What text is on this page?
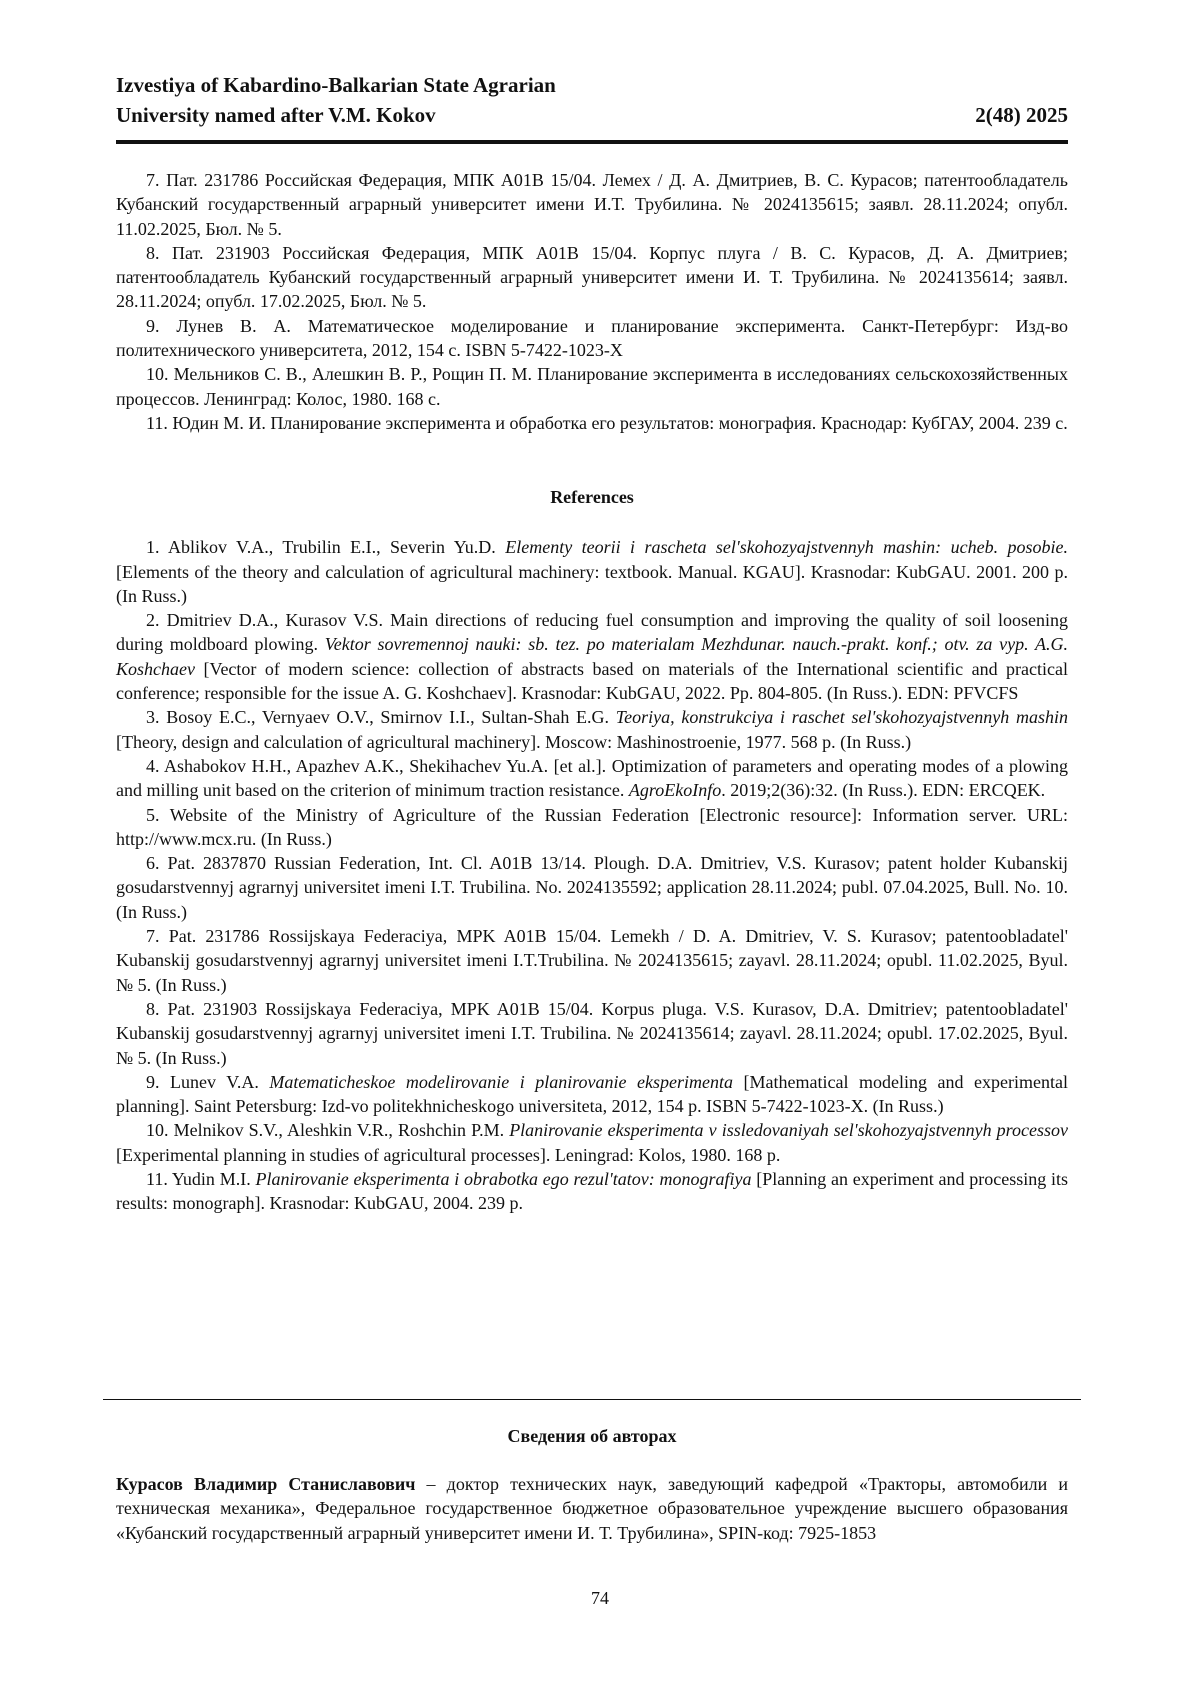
Izvestiya of Kabardino-Balkarian State Agrarian
University named after V.M. Kokov	2(48) 2025

7. Пат. 231786 Российская Федерация, МПК А01В 15/04. Лемех / Д. А. Дмитриев, В. С. Курасов; патентообладатель Кубанский государственный аграрный университет имени И.Т. Трубилина. № 2024135615; заявл. 28.11.2024; опубл. 11.02.2025, Бюл. № 5.

8. Пат. 231903 Российская Федерация, МПК А01В 15/04. Корпус плуга / В. С. Курасов, Д. А. Дмитриев; патентообладатель Кубанский государственный аграрный университет имени И. Т. Трубилина. № 2024135614; заявл. 28.11.2024; опубл. 17.02.2025, Бюл. № 5.

9. Лунев В. А. Математическое моделирование и планирование эксперимента. Санкт-Петербург: Изд-во политехнического университета, 2012, 154 с. ISBN 5-7422-1023-X

10. Мельников С. В., Алешкин В. Р., Рощин П. М. Планирование эксперимента в исследованиях сельскохозяйственных процессов. Ленинград: Колос, 1980. 168 с.

11. Юдин М. И. Планирование эксперимента и обработка его результатов: монография. Краснодар: КубГАУ, 2004. 239 с.

References

1. Ablikov V.A., Trubilin E.I., Severin Yu.D. Elementy teorii i rascheta sel'skohozyajstvennyh mashin: ucheb. posobie. [Elements of the theory and calculation of agricultural machinery: textbook. Manual. KGAU]. Krasnodar: KubGAU. 2001. 200 p. (In Russ.)

2. Dmitriev D.A., Kurasov V.S. Main directions of reducing fuel consumption and improving the quality of soil loosening during moldboard plowing. Vektor sovremennoj nauki: sb. tez. po materialam Mezhdunar. nauch.-prakt. konf.; otv. za vyp. A.G. Koshchaev [Vector of modern science: collection of abstracts based on materials of the International scientific and practical conference; responsible for the issue A. G. Koshchaev]. Krasnodar: KubGAU, 2022. Pp. 804-805. (In Russ.). EDN: PFVCFS

3. Bosoy E.C., Vernyaev O.V., Smirnov I.I., Sultan-Shah E.G. Teoriya, konstrukciya i raschet sel'skohozyajstvennyh mashin [Theory, design and calculation of agricultural machinery]. Moscow: Mashinostroenie, 1977. 568 p. (In Russ.)

4. Ashabokov H.H., Apazhev A.K., Shekihachev Yu.A. [et al.]. Optimization of parameters and operating modes of a plowing and milling unit based on the criterion of minimum traction resistance. AgroEkoInfo. 2019;2(36):32. (In Russ.). EDN: ERCQEK.

5. Website of the Ministry of Agriculture of the Russian Federation [Electronic resource]: Information server. URL: http://www.mcx.ru. (In Russ.)

6. Pat. 2837870 Russian Federation, Int. Cl. A01B 13/14. Plough. D.A. Dmitriev, V.S. Kurasov; patent holder Kubanskij gosudarstvennyj agrarnyj universitet imeni I.T. Trubilina. No. 2024135592; application 28.11.2024; publ. 07.04.2025, Bull. No. 10. (In Russ.)

7. Pat. 231786 Rossijskaya Federaciya, MPK A01B 15/04. Lemekh / D. A. Dmitriev, V. S. Kurasov; patentoobladatel' Kubanskij gosudarstvennyj agrarnyj universitet imeni I.T.Trubilina. № 2024135615; zayavl. 28.11.2024; opubl. 11.02.2025, Byul. № 5. (In Russ.)

8. Pat. 231903 Rossijskaya Federaciya, MPK A01B 15/04. Korpus pluga. V.S. Kurasov, D.A. Dmitriev; patentoobladatel' Kubanskij gosudarstvennyj agrarnyj universitet imeni I.T. Trubilina. № 2024135614; zayavl. 28.11.2024; opubl. 17.02.2025, Byul. № 5. (In Russ.)

9. Lunev V.A. Matematicheskoe modelirovanie i planirovanie eksperimenta [Mathematical modeling and experimental planning]. Saint Petersburg: Izd-vo politekhnicheskogo universiteta, 2012, 154 p. ISBN 5-7422-1023-X. (In Russ.)

10. Melnikov S.V., Aleshkin V.R., Roshchin P.M. Planirovanie eksperimenta v issledovaniyah sel'skohozyajstvennyh processov [Experimental planning in studies of agricultural processes]. Leningrad: Kolos, 1980. 168 p.

11. Yudin M.I. Planirovanie eksperimenta i obrabotka ego rezul'tatov: monografiya [Planning an experiment and processing its results: monograph]. Krasnodar: KubGAU, 2004. 239 p.

Сведения об авторах

Курасов Владимир Станиславович – доктор технических наук, заведующий кафедрой «Тракторы, автомобили и техническая механика», Федеральное государственное бюджетное образовательное учреждение высшего образования «Кубанский государственный аграрный университет имени И. Т. Трубилина», SPIN-код: 7925-1853

74
